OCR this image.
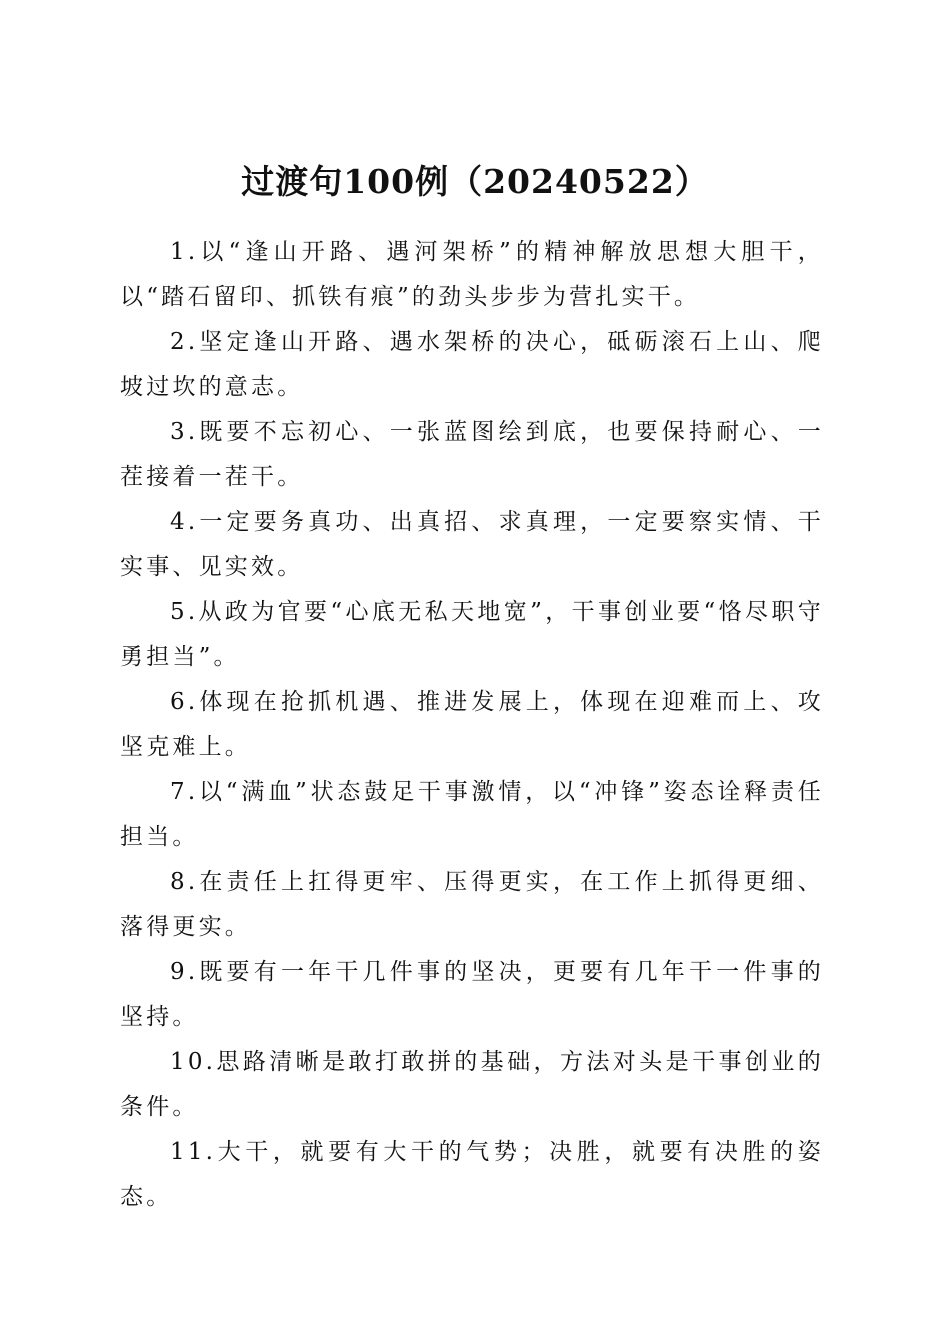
过渡句100例（20240522）

1.以“逢山开路、遇河架桥”的精神解放思想大胆干，以“踏石留印、抓铁有痕”的劲头步步为营扎实干。

2.坚定逢山开路、遇水架桥的决心，砥砺滚石上山、爬坡过坎的意志。

3.既要不忘初心、一张蓝图绘到底，也要保持耐心、一茬接着一茬干。

4.一定要务真功、出真招、求真理，一定要察实情、干实事、见实效。

5.从政为官要“心底无私天地宽”，干事创业要“恪尽职守勇担当”。

6.体现在抢抓机遇、推进发展上，体现在迎难而上、攻坚克难上。

7.以“满血”状态鼓足干事激情，以“冲锋”姿态诠释责任担当。

8.在责任上扛得更牢、压得更实，在工作上抓得更细、落得更实。

9.既要有一年干几件事的坚决，更要有几年干一件事的坚持。

10.思路清晰是敢打敢拼的基础，方法对头是干事创业的条件。

11.大干，就要有大干的气势；决胜，就要有决胜的姿态。
